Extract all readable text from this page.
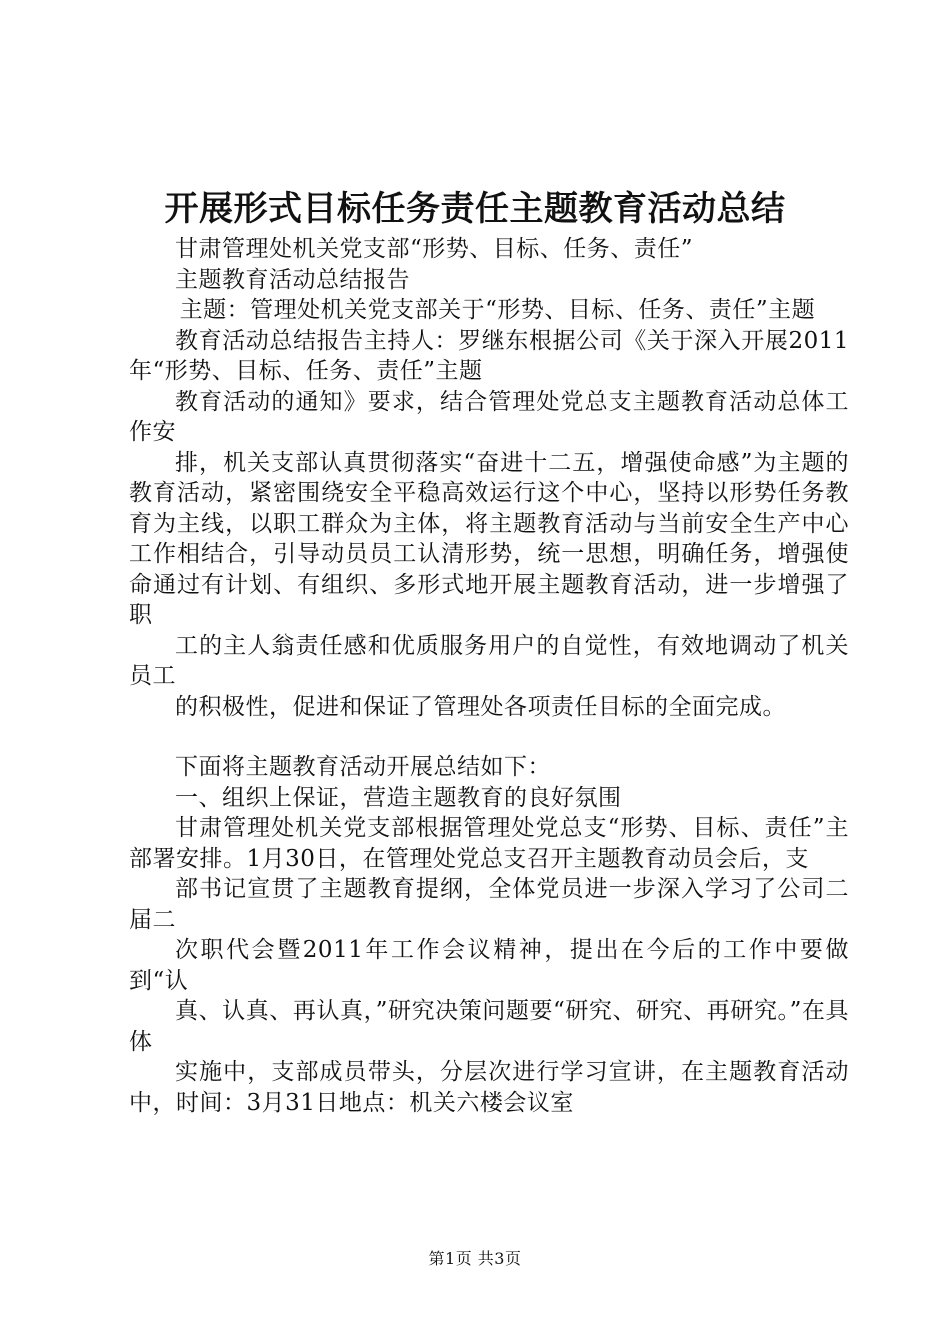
开展形式目标任务责任主题教育活动总结

甘肃管理处机关党支部“形势、目标、任务、责任”

主题教育活动总结报告

主题：管理处机关党支部关于“形势、目标、任务、责任”主题

教育活动总结报告主持人：罗继东根据公司《关于深入开展2011年“形势、目标、任务、责任”主题

教育活动的通知》要求，结合管理处党总支主题教育活动总体工作安

排，机关支部认真贯彻落实“奋进十二五，增强使命感”为主题的教育活动，紧密围绕安全平稳高效运行这个中心，坚持以形势任务教育为主线，以职工群众为主体，将主题教育活动与当前安全生产中心工作相结合，引导动员员工认清形势，统一思想，明确任务，增强使命通过有计划、有组织、多形式地开展主题教育活动，进一步增强了职

工的主人翁责任感和优质服务用户的自觉性，有效地调动了机关员工

的积极性，促进和保证了管理处各项责任目标的全面完成。

下面将主题教育活动开展总结如下：

一、组织上保证，营造主题教育的良好氛围

甘肃管理处机关党支部根据管理处党总支“形势、目标、责任”主部署安排。1月30日，在管理处党总支召开主题教育动员会后，支

部书记宣贯了主题教育提纲，全体党员进一步深入学习了公司二届二

次职代会暨2011年工作会议精神，提出在今后的工作中要做到“认

真、认真、再认真，”研究决策问题要“研究、研究、再研究。”在具体

实施中，支部成员带头，分层次进行学习宣讲，在主题教育活动中，时间：3月31日地点：机关六楼会议室

第1页 共3页
